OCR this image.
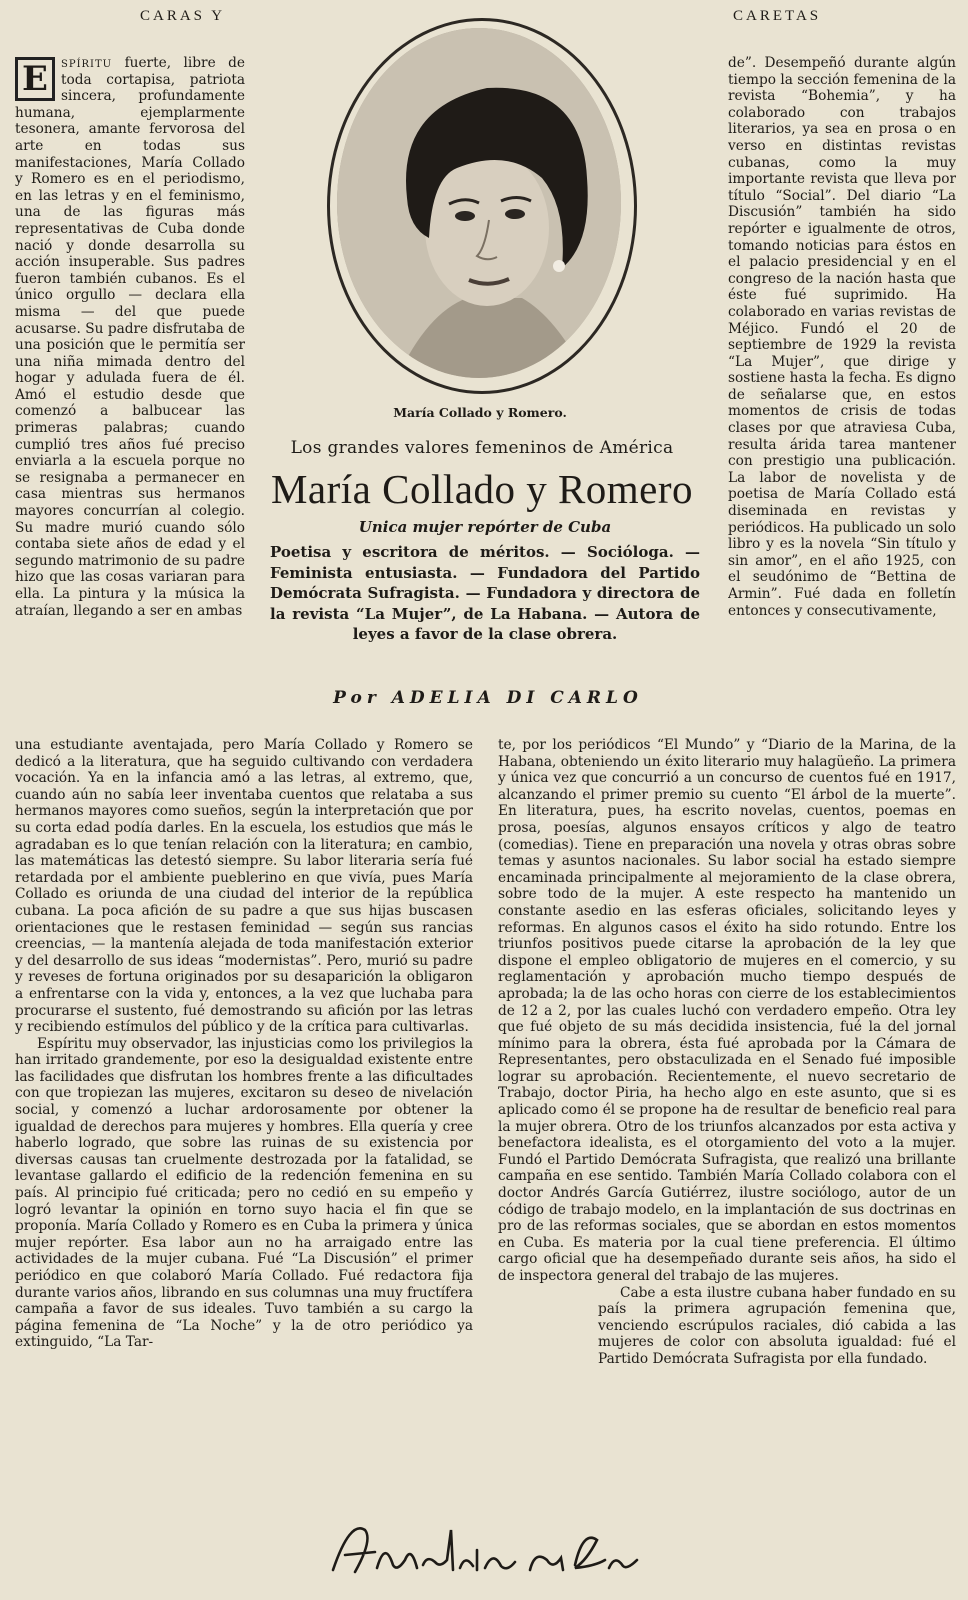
CARAS Y	CARETAS

E spíritu fuerte, libre de toda cortapisa, patriota sincera, profundamente humana, ejemplarmente tesonera, amante fervorosa del arte en todas sus manifestaciones, María Collado y Romero es en el periodismo, en las letras y en el feminismo, una de las figuras más representativas de Cuba donde nació y donde desarrolla su acción insuperable. Sus padres fueron también cubanos. Es el único orgullo — declara ella misma — del que puede acusarse. Su padre disfrutaba de una posición que le permitía ser una niña mimada dentro del hogar y adulada fuera de él. Amó el estudio desde que comenzó a balbucear las primeras palabras; cuando cumplió tres años fué preciso enviarla a la escuela porque no se resignaba a permanecer en casa mientras sus hermanos mayores concurrían al colegio. Su madre murió cuando sólo contaba siete años de edad y el segundo matrimonio de su padre hizo que las cosas variaran para ella. La pintura y la música la atraían, llegando a ser en ambas

María Collado y Romero.
Los grandes valores femeninos de América
María Collado y Romero
Unica mujer repórter de Cuba
Poetisa y escritora de méritos. — Socióloga. — Feminista entusiasta. — Fundadora del Partido Demócrata Sufragista. — Fundadora y directora de la revista “La Mujer”, de La Habana. — Autora de leyes a favor de la clase obrera.
Por ADELIA DI CARLO

de”. Desempeñó durante algún tiempo la sección femenina de la revista “Bohemia”, y ha colaborado con trabajos literarios, ya sea en prosa o en verso en distintas revistas cubanas, como la muy importante revista que lleva por título “Social”. Del diario “La Discusión” también ha sido repórter e igualmente de otros, tomando noticias para éstos en el palacio presidencial y en el congreso de la nación hasta que éste fué suprimido. Ha colaborado en varias revistas de Méjico. Fundó el 20 de septiembre de 1929 la revista “La Mujer”, que dirige y sostiene hasta la fecha. Es digno de señalarse que, en estos momentos de crisis de todas clases por que atraviesa Cuba, resulta árida tarea mantener con prestigio una publicación. La labor de novelista y de poetisa de María Collado está diseminada en revistas y periódicos. Ha publicado un solo libro y es la novela “Sin título y sin amor”, en el año 1925, con el seudónimo de “Bettina de Armin”. Fué dada en folletín entonces y consecutivamente,

una estudiante aventajada, pero María Collado y Romero se dedicó a la literatura, que ha seguido cultivando con verdadera vocación. Ya en la infancia amó a las letras, al extremo, que, cuando aún no sabía leer inventaba cuentos que relataba a sus hermanos mayores como sueños, según la interpretación que por su corta edad podía darles. En la escuela, los estudios que más le agradaban es lo que tenían relación con la literatura; en cambio, las matemáticas las detestó siempre. Su labor literaria sería fué retardada por el ambiente pueblerino en que vivía, pues María Collado es oriunda de una ciudad del interior de la república cubana. La poca afición de su padre a que sus hijas buscasen orientaciones que le restasen feminidad — según sus rancias creencias, — la mantenía alejada de toda manifestación exterior y del desarrollo de sus ideas “modernistas”. Pero, murió su padre y reveses de fortuna originados por su desaparición la obligaron a enfrentarse con la vida y, entonces, a la vez que luchaba para procurarse el sustento, fué demostrando su afición por las letras y recibiendo estímulos del público y de la crítica para cultivarlas.

Espíritu muy observador, las injusticias como los privilegios la han irritado grandemente, por eso la desigualdad existente entre las facilidades que disfrutan los hombres frente a las dificultades con que tropiezan las mujeres, excitaron su deseo de nivelación social, y comenzó a luchar ardorosamente por obtener la igualdad de derechos para mujeres y hombres. Ella quería y cree haberlo logrado, que sobre las ruinas de su existencia por diversas causas tan cruelmente destrozada por la fatalidad, se levantase gallardo el edificio de la redención femenina en su país. Al principio fué criticada; pero no cedió en su empeño y logró levantar la opinión en torno suyo hacia el fin que se proponía. María Collado y Romero es en Cuba la primera y única mujer repórter. Esa labor aun no ha arraigado entre las actividades de la mujer cubana. Fué “La Discusión” el primer periódico en que colaboró María Collado. Fué redactora fija durante varios años, librando en sus columnas una muy fructífera campaña a favor de sus ideales. Tuvo también a su cargo la página femenina de “La Noche” y la de otro periódico ya extinguido, “La Tar-

te, por los periódicos “El Mundo” y “Diario de la Marina, de la Habana, obteniendo un éxito literario muy halagüeño. La primera y única vez que concurrió a un concurso de cuentos fué en 1917, alcanzando el primer premio su cuento “El árbol de la muerte”. En literatura, pues, ha escrito novelas, cuentos, poemas en prosa, poesías, algunos ensayos críticos y algo de teatro (comedias). Tiene en preparación una novela y otras obras sobre temas y asuntos nacionales. Su labor social ha estado siempre encaminada principalmente al mejoramiento de la clase obrera, sobre todo de la mujer. A este respecto ha mantenido un constante asedio en las esferas oficiales, solicitando leyes y reformas. En algunos casos el éxito ha sido rotundo. Entre los triunfos positivos puede citarse la aprobación de la ley que dispone el empleo obligatorio de mujeres en el comercio, y su reglamentación y aprobación mucho tiempo después de aprobada; la de las ocho horas con cierre de los establecimientos de 12 a 2, por las cuales luchó con verdadero empeño. Otra ley que fué objeto de su más decidida insistencia, fué la del jornal mínimo para la obrera, ésta fué aprobada por la Cámara de Representantes, pero obstaculizada en el Senado fué imposible lograr su aprobación. Recientemente, el nuevo secretario de Trabajo, doctor Piria, ha hecho algo en este asunto, que si es aplicado como él se propone ha de resultar de beneficio real para la mujer obrera. Otro de los triunfos alcanzados por esta activa y benefactora idealista, es el otorgamiento del voto a la mujer. Fundó el Partido Demócrata Sufragista, que realizó una brillante campaña en ese sentido. También María Collado colabora con el doctor Andrés García Gutiérrez, ilustre sociólogo, autor de un código de trabajo modelo, en la implantación de sus doctrinas en pro de las reformas sociales, que se abordan en estos momentos en Cuba. Es materia por la cual tiene preferencia. El último cargo oficial que ha desempeñado durante seis años, ha sido el de inspectora general del trabajo de las mujeres.

Cabe a esta ilustre cubana haber fundado en su país la primera agrupación femenina que, venciendo escrúpulos raciales, dió cabida a las mujeres de color con absoluta igualdad: fué el Partido Demócrata Sufragista por ella fundado.
